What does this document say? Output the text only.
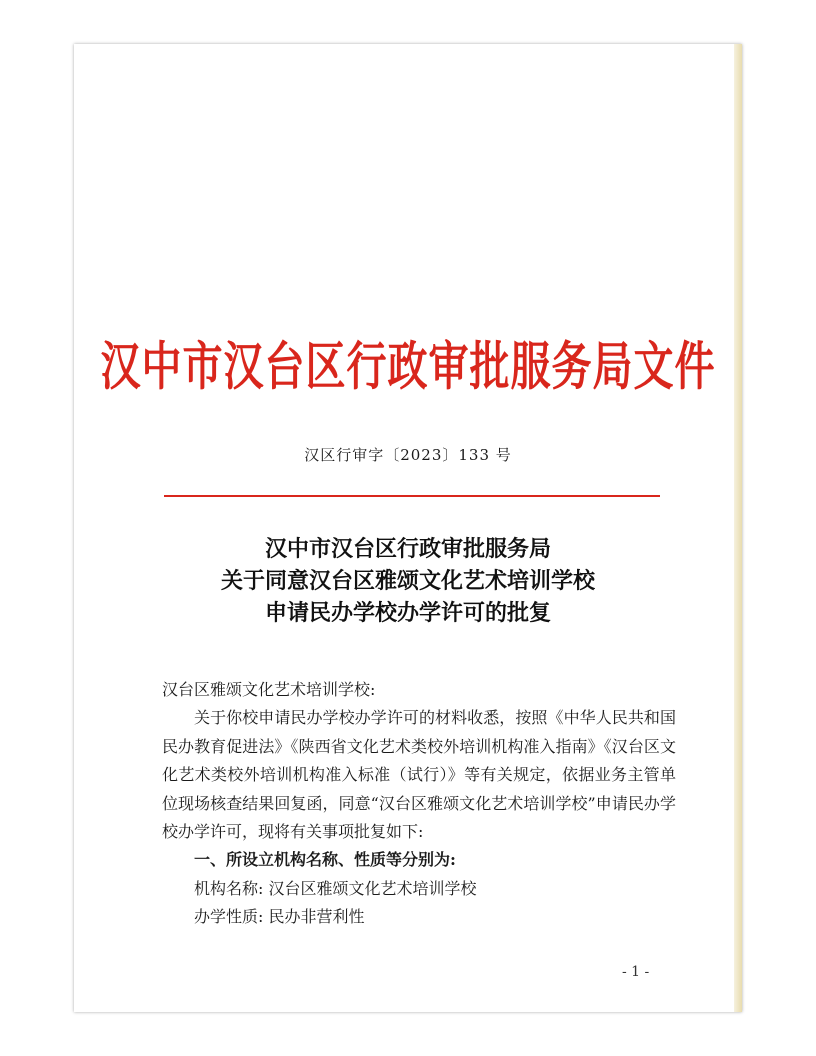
汉中市汉台区行政审批服务局文件
汉区行审字〔2023〕133 号
汉中市汉台区行政审批服务局
关于同意汉台区雅颂文化艺术培训学校
申请民办学校办学许可的批复
汉台区雅颂文化艺术培训学校:
关于你校申请民办学校办学许可的材料收悉，按照《中华人民共和国民办教育促进法》《陕西省文化艺术类校外培训机构准入指南》《汉台区文化艺术类校外培训机构准入标准（试行）》等有关规定，依据业务主管单位现场核查结果回复函，同意“汉台区雅颂文化艺术培训学校”申请民办学校办学许可，现将有关事项批复如下:
一、所设立机构名称、性质等分别为:
机构名称: 汉台区雅颂文化艺术培训学校
办学性质: 民办非营利性
- 1 -
